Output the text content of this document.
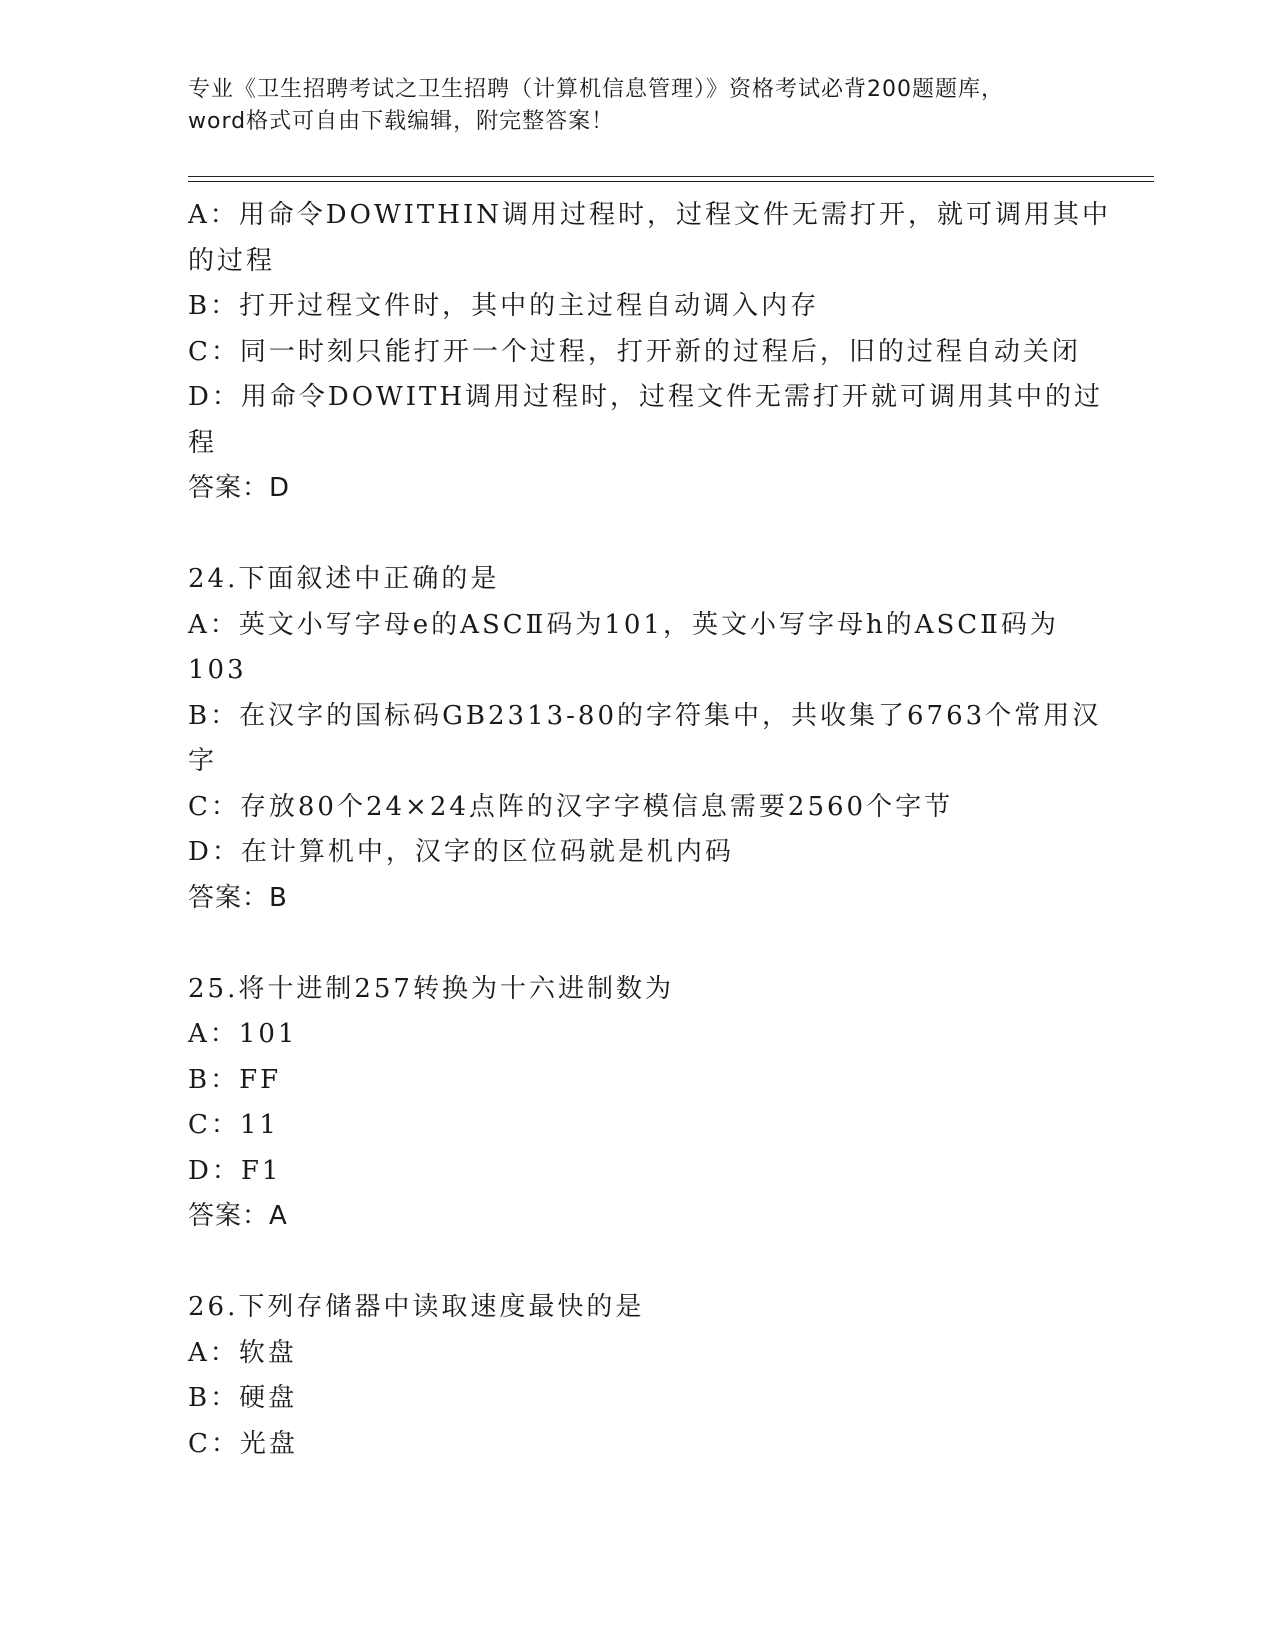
专业《卫生招聘考试之卫生招聘（计算机信息管理）》资格考试必背200题题库，
word格式可自由下载编辑，附完整答案！
A：用命令DOWITHIN调用过程时，过程文件无需打开，就可调用其中
的过程
B：打开过程文件时，其中的主过程自动调入内存
C：同一时刻只能打开一个过程，打开新的过程后，旧的过程自动关闭
D：用命令DOWITH调用过程时，过程文件无需打开就可调用其中的过
程
答案：D
24.下面叙述中正确的是
A：英文小写字母e的ASCⅡ码为101，英文小写字母h的ASCⅡ码为
103
B：在汉字的国标码GB2313-80的字符集中，共收集了6763个常用汉
字
C：存放80个24×24点阵的汉字字模信息需要2560个字节
D：在计算机中，汉字的区位码就是机内码
答案：B
25.将十进制257转换为十六进制数为
A：101
B：FF
C：11
D：F1
答案：A
26.下列存储器中读取速度最快的是
A：软盘
B：硬盘
C：光盘
